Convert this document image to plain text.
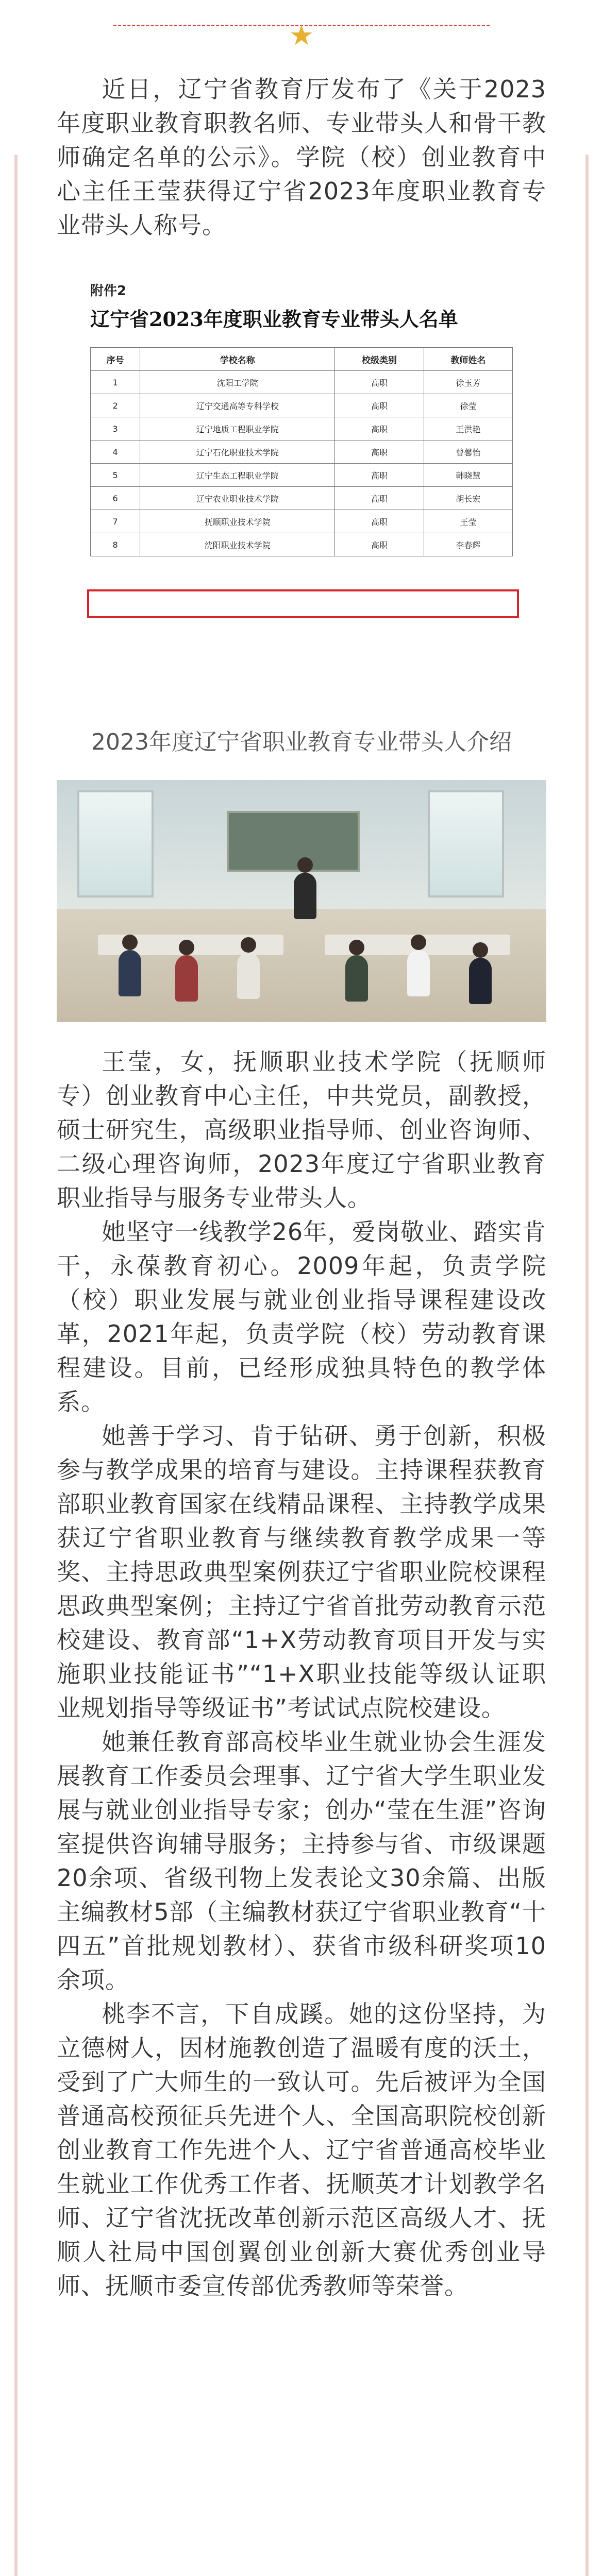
★

近日，辽宁省教育厅发布了《关于2023年度职业教育职教名师、专业带头人和骨干教师确定名单的公示》。学院（校）创业教育中心主任王莹获得辽宁省2023年度职业教育专业带头人称号。

附件2
辽宁省2023年度职业教育专业带头人名单
序号	学校名称	校级类别	教师姓名
1	沈阳工学院	高职	徐玉芳
2	辽宁交通高等专科学校	高职	徐莹
3	辽宁地质工程职业学院	高职	王洪艳
4	辽宁石化职业技术学院	高职	曾馨怡
5	辽宁生态工程职业学院	高职	韩晓慧
6	辽宁农业职业技术学院	高职	胡长宏
7	抚顺职业技术学院	高职	王莹
8	沈阳职业技术学院	高职	李春辉
2023年度辽宁省职业教育专业带头人介绍

王莹，女，抚顺职业技术学院（抚顺师专）创业教育中心主任，中共党员，副教授，硕士研究生，高级职业指导师、创业咨询师、二级心理咨询师，2023年度辽宁省职业教育职业指导与服务专业带头人。

她坚守一线教学26年，爱岗敬业、踏实肯干，永葆教育初心。2009年起，负责学院（校）职业发展与就业创业指导课程建设改革，2021年起，负责学院（校）劳动教育课程建设。目前，已经形成独具特色的教学体系。

她善于学习、肯于钻研、勇于创新，积极参与教学成果的培育与建设。主持课程获教育部职业教育国家在线精品课程、主持教学成果获辽宁省职业教育与继续教育教学成果一等奖、主持思政典型案例获辽宁省职业院校课程思政典型案例；主持辽宁省首批劳动教育示范校建设、教育部“1+X劳动教育项目开发与实施职业技能证书”“1+X职业技能等级认证职业规划指导等级证书”考试试点院校建设。

她兼任教育部高校毕业生就业协会生涯发展教育工作委员会理事、辽宁省大学生职业发展与就业创业指导专家；创办“莹在生涯”咨询室提供咨询辅导服务；主持参与省、市级课题20余项、省级刊物上发表论文30余篇、出版主编教材5部（主编教材获辽宁省职业教育“十四五”首批规划教材）、获省市级科研奖项10余项。

桃李不言，下自成蹊。她的这份坚持，为立德树人，因材施教创造了温暖有度的沃土，受到了广大师生的一致认可。先后被评为全国普通高校预征兵先进个人、全国高职院校创新创业教育工作先进个人、辽宁省普通高校毕业生就业工作优秀工作者、抚顺英才计划教学名师、辽宁省沈抚改革创新示范区高级人才、抚顺人社局中国创翼创业创新大赛优秀创业导师、抚顺市委宣传部优秀教师等荣誉。
